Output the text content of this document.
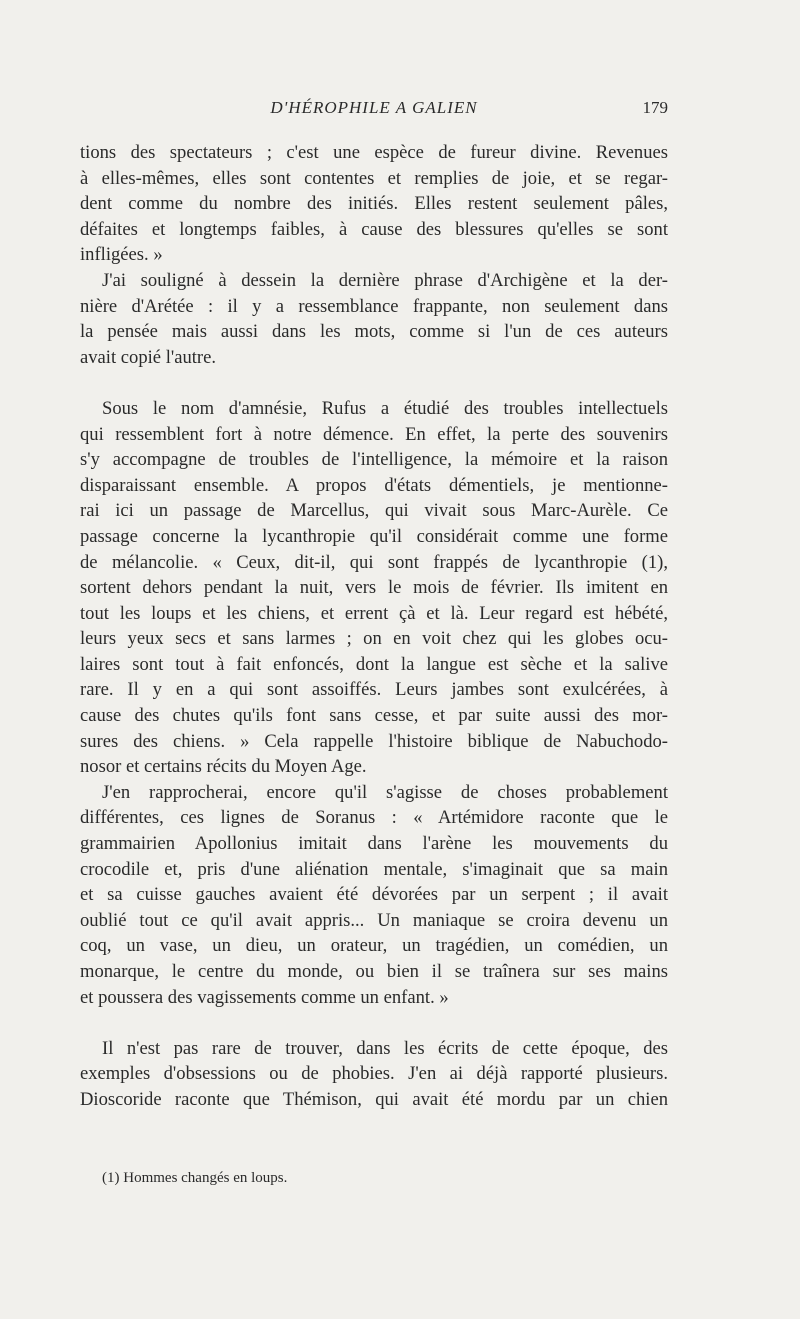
D'HÉROPHILE A GALIEN	179
tions des spectateurs ; c'est une espèce de fureur divine. Revenues
à elles-mêmes, elles sont contentes et remplies de joie, et se regar-
dent comme du nombre des initiés. Elles restent seulement pâles,
défaites et longtemps faibles, à cause des blessures qu'elles se sont
infligées. »
J'ai souligné à dessein la dernière phrase d'Archigène et la der-
nière d'Arétée : il y a ressemblance frappante, non seulement dans
la pensée mais aussi dans les mots, comme si l'un de ces auteurs
avait copié l'autre.
Sous le nom d'amnésie, Rufus a étudié des troubles intellectuels
qui ressemblent fort à notre démence. En effet, la perte des souvenirs
s'y accompagne de troubles de l'intelligence, la mémoire et la raison
disparaissant ensemble. A propos d'états démentiels, je mentionne-
rai ici un passage de Marcellus, qui vivait sous Marc-Aurèle. Ce
passage concerne la lycanthropie qu'il considérait comme une forme
de mélancolie. « Ceux, dit-il, qui sont frappés de lycanthropie (1),
sortent dehors pendant la nuit, vers le mois de février. Ils imitent en
tout les loups et les chiens, et errent çà et là. Leur regard est hébété,
leurs yeux secs et sans larmes ; on en voit chez qui les globes ocu-
laires sont tout à fait enfoncés, dont la langue est sèche et la salive
rare. Il y en a qui sont assoiffés. Leurs jambes sont exulcérées, à
cause des chutes qu'ils font sans cesse, et par suite aussi des mor-
sures des chiens. » Cela rappelle l'histoire biblique de Nabuchodo-
nosor et certains récits du Moyen Age.
J'en rapprocherai, encore qu'il s'agisse de choses probablement
différentes, ces lignes de Soranus : « Artémidore raconte que le
grammairien Apollonius imitait dans l'arène les mouvements du
crocodile et, pris d'une aliénation mentale, s'imaginait que sa main
et sa cuisse gauches avaient été dévorées par un serpent ; il avait
oublié tout ce qu'il avait appris... Un maniaque se croira devenu un
coq, un vase, un dieu, un orateur, un tragédien, un comédien, un
monarque, le centre du monde, ou bien il se traînera sur ses mains
et poussera des vagissements comme un enfant. »
Il n'est pas rare de trouver, dans les écrits de cette époque, des
exemples d'obsessions ou de phobies. J'en ai déjà rapporté plusieurs.
Dioscoride raconte que Thémison, qui avait été mordu par un chien
(1) Hommes changés en loups.
